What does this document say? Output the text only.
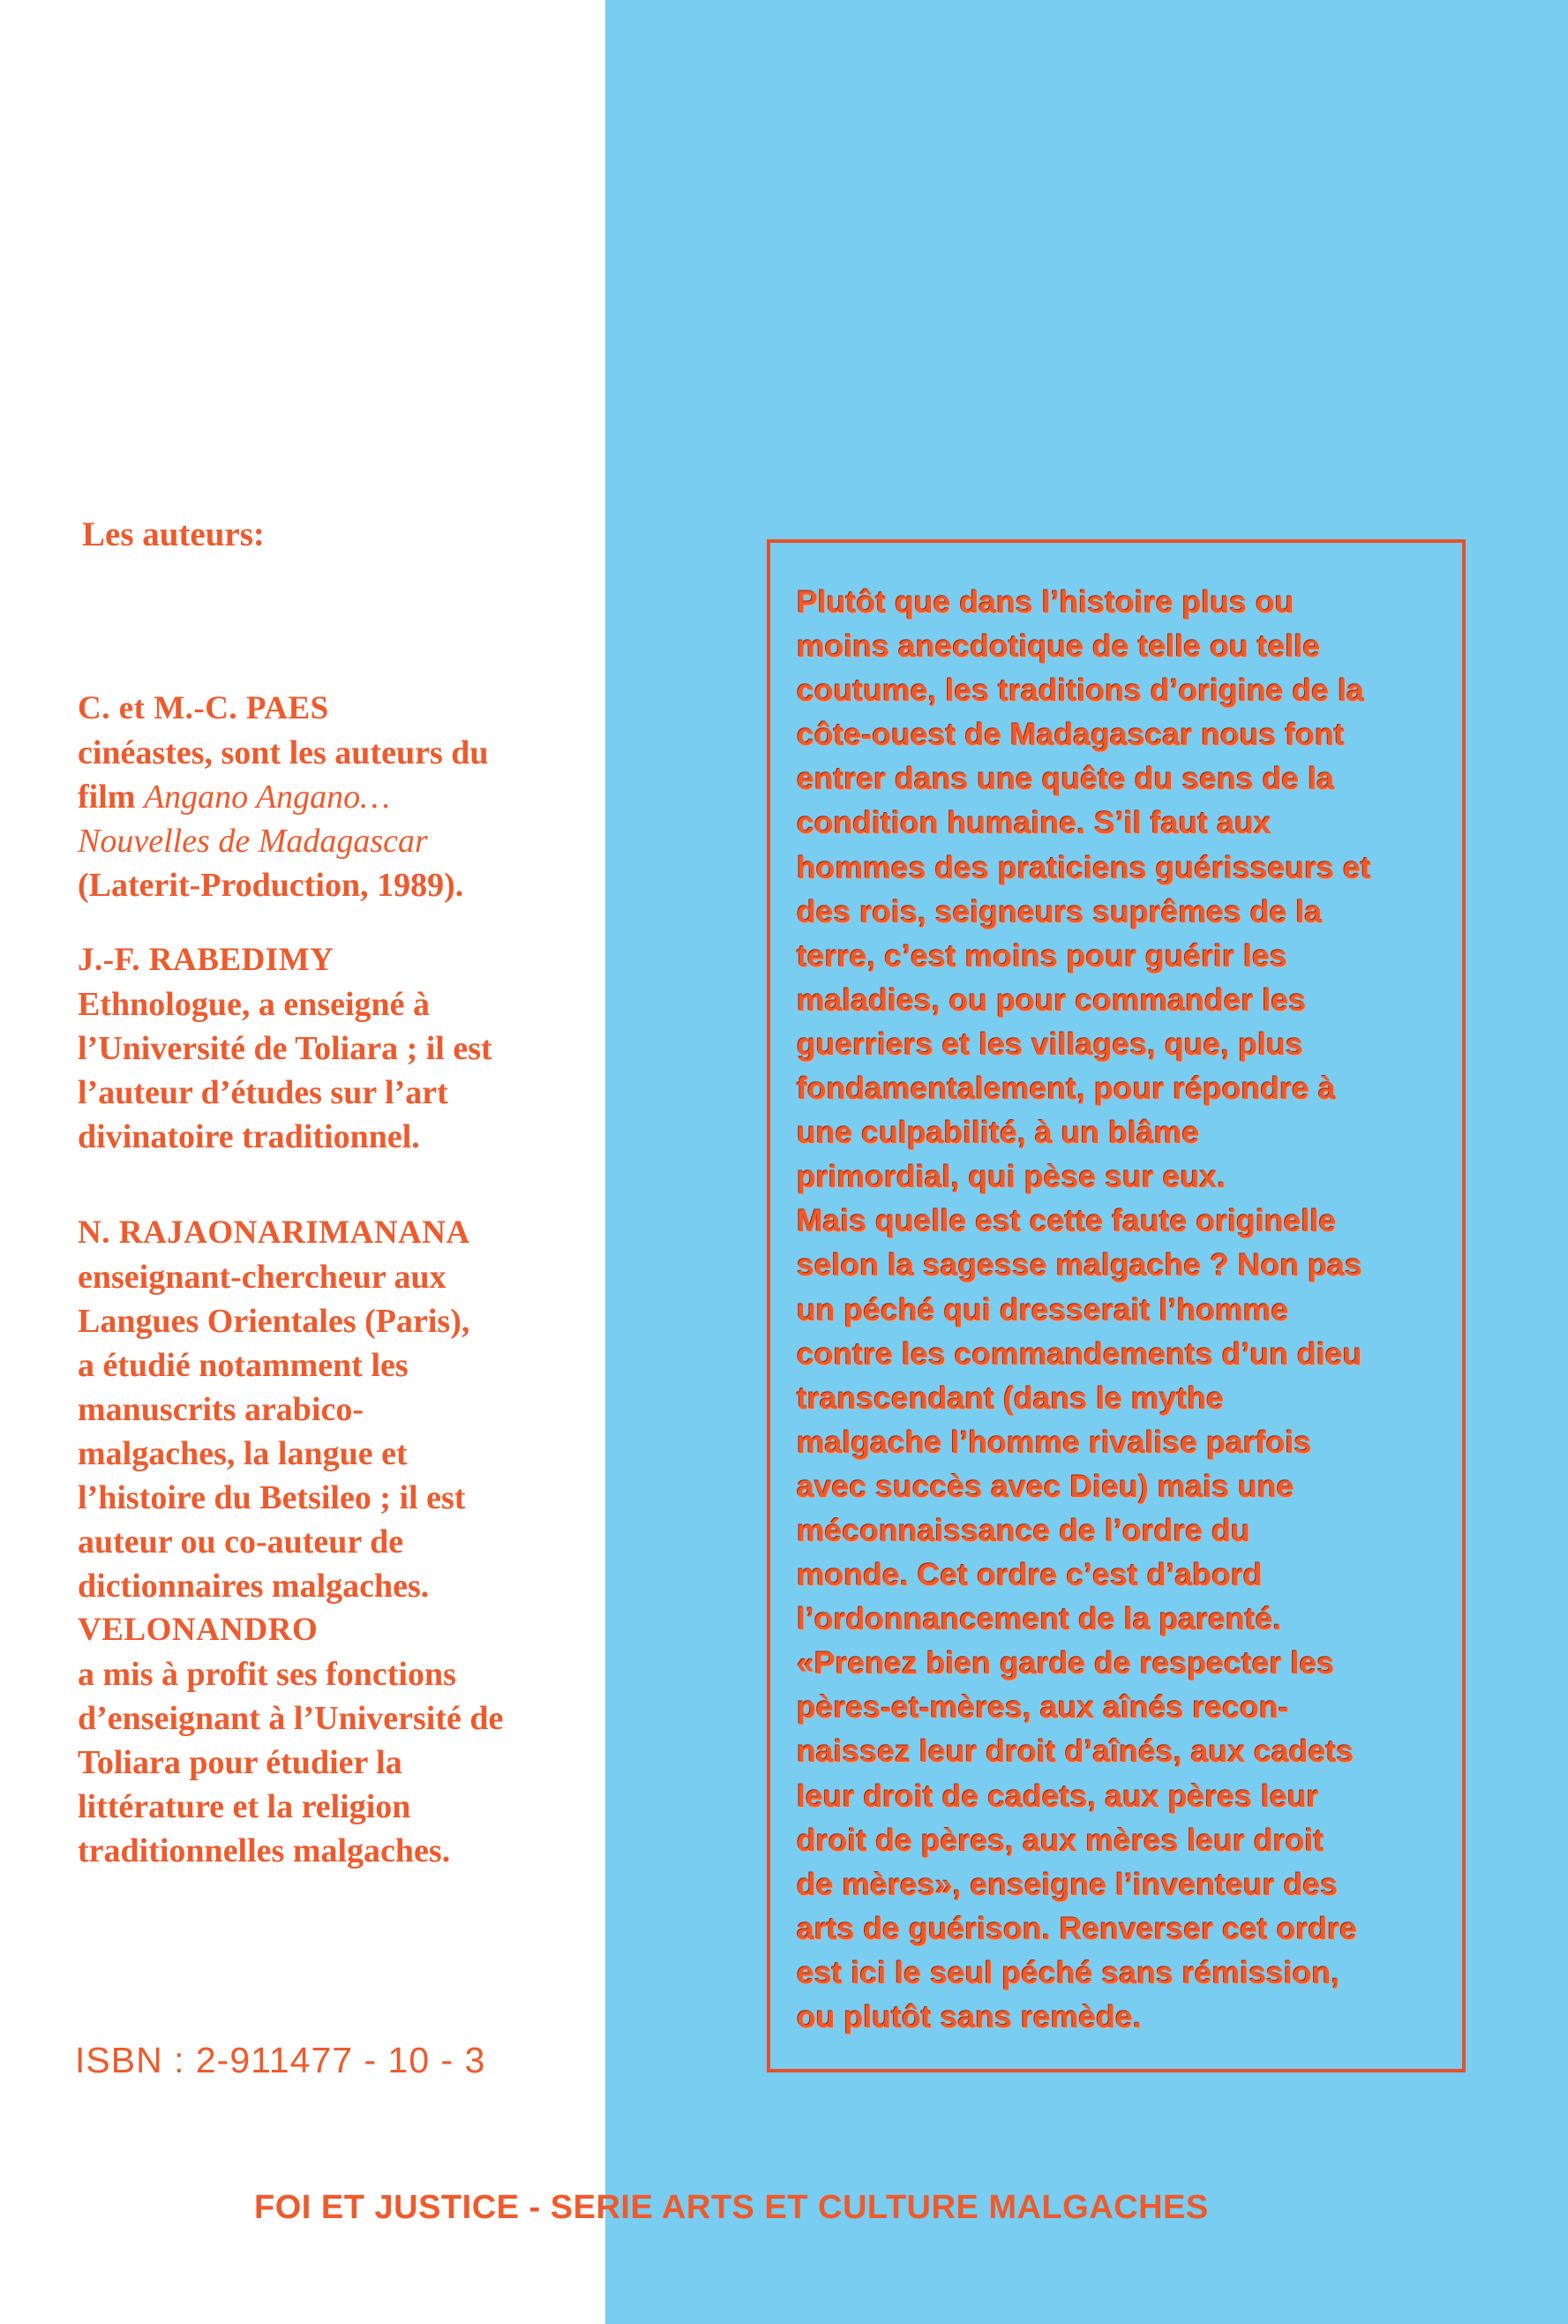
Les auteurs:
C. et M.-C. PAES
cinéastes, sont les auteurs du
film Angano Angano…
Nouvelles de Madagascar
(Laterit-Production, 1989).
J.-F. RABEDIMY
Ethnologue, a enseigné à
l’Université de Toliara ; il est
l’auteur d’études sur l’art
divinatoire traditionnel.
N. RAJAONARIMANANA
enseignant-chercheur aux
Langues Orientales (Paris),
a étudié notamment les
manuscrits arabico-
malgaches, la langue et
l’histoire du Betsileo ; il est
auteur ou co-auteur de
dictionnaires malgaches.
VELONANDRO
a mis à profit ses fonctions
d’enseignant à l’Université de
Toliara pour étudier la
littérature et la religion
traditionnelles malgaches.
ISBN : 2-911477 - 10 - 3
Plutôt que dans l’histoire plus ou
moins anecdotique de telle ou telle
coutume, les traditions d’origine de la
côte-ouest de Madagascar nous font
entrer dans une quête du sens de la
condition humaine. S’il faut aux
hommes des praticiens guérisseurs et
des rois, seigneurs suprêmes de la
terre, c’est moins pour guérir les
maladies, ou pour commander les
guerriers et les villages, que, plus
fondamentalement, pour répondre à
une culpabilité, à un blâme
primordial, qui pèse sur eux.
Mais quelle est cette faute originelle
selon la sagesse malgache ? Non pas
un péché qui dresserait l’homme
contre les commandements d’un dieu
transcendant (dans le mythe
malgache l’homme rivalise parfois
avec succès avec Dieu) mais une
méconnaissance de l’ordre du
monde. Cet ordre c’est d’abord
l’ordonnancement de la parenté.
«Prenez bien garde de respecter les
pères-et-mères, aux aînés recon-
naissez leur droit d’aînés, aux cadets
leur droit de cadets, aux pères leur
droit de pères, aux mères leur droit
de mères», enseigne l’inventeur des
arts de guérison. Renverser cet ordre
est ici le seul péché sans rémission,
ou plutôt sans remède.
FOI ET JUSTICE - SERIE ARTS ET CULTURE MALGACHES
